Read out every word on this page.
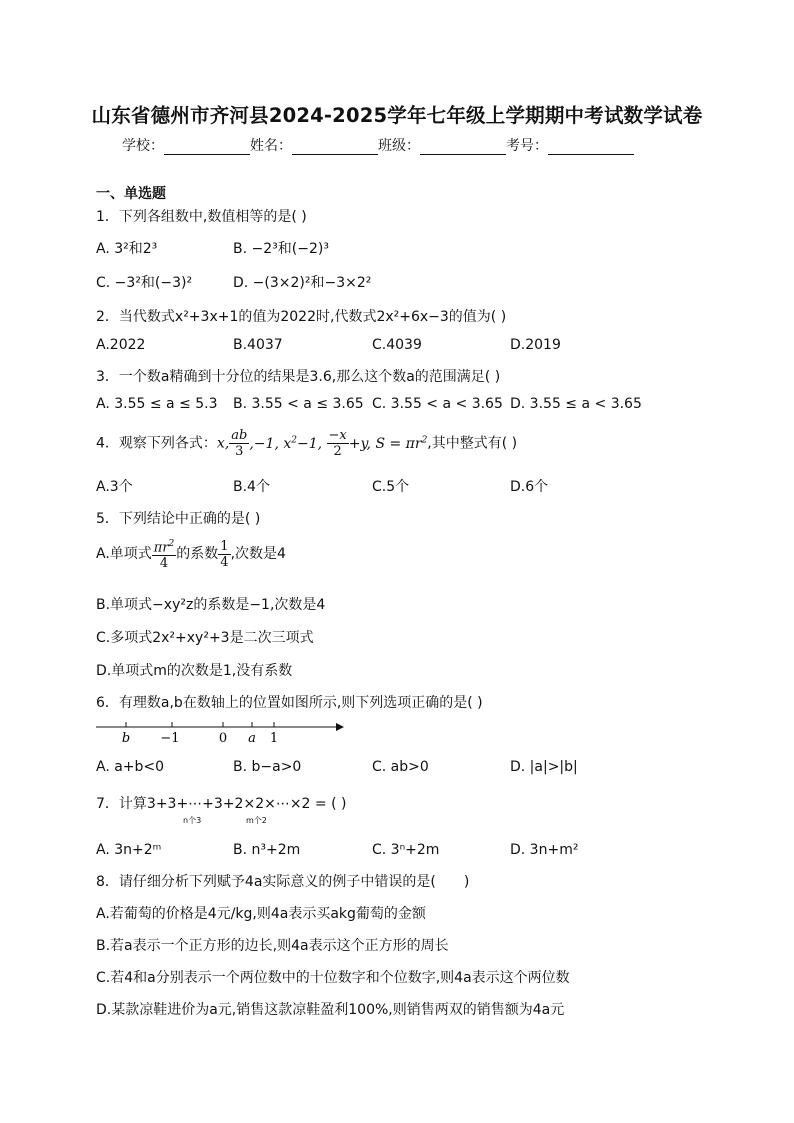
山东省德州市齐河县2024-2025学年七年级上学期期中考试数学试卷
学校：	姓名：	班级：	考号：
一、单选题
1．下列各组数中,数值相等的是( )
A. 3²和2³	B. −2³和(−2)³
C. −3²和(−3)²	D. −(3×2)²和−3×2²
2．当代数式x²+3x+1的值为2022时,代数式2x²+6x−3的值为( )
A.2022	B.4037	C.4039	D.2019
3．一个数a精确到十分位的结果是3.6,那么这个数a的范围满足( )
A. 3.55 ≤ a ≤ 5.3 B. 3.55 < a ≤ 3.65 C. 3.55 < a < 3.65 D. 3.55 ≤ a < 3.65
4．观察下列各式：x, $\frac{ab}{3} ,-1$, $x^2-1$, $\frac{-x}{2} +y$, $S = \pi r^2$,其中整式有( )
A.3个	B.4个	C.5个	D.6个
5．下列结论中正确的是( )
A.单项式 $\frac{\pi r^2}{4}$ 的系数 $\frac{1}{4}$ ,次数是4
B.单项式−xy²z的系数是−1,次数是4
C.多项式2x²+xy²+3是二次三项式
D.单项式m的次数是1,没有系数
6．有理数a,b在数轴上的位置如图所示,则下列选项正确的是( )
b −1	0 a 1
A. a+b<0	B. b−a>0	C. ab>0	D. |a|>|b|
7．计算3+3+⋯+3+2×2×⋯×2 = ( )
n个3	m个2
A. 3n+2ᵐ	B. n³+2m	C. 3ⁿ+2m	D. 3n+m²
8．请仔细分析下列赋予4a实际意义的例子中错误的是(　　)
A.若葡萄的价格是4元/kg,则4a表示买akg葡萄的金额
B.若a表示一个正方形的边长,则4a表示这个正方形的周长
C.若4和a分别表示一个两位数中的十位数字和个位数字,则4a表示这个两位数
D.某款凉鞋进价为a元,销售这款凉鞋盈利100%,则销售两双的销售额为4a元
